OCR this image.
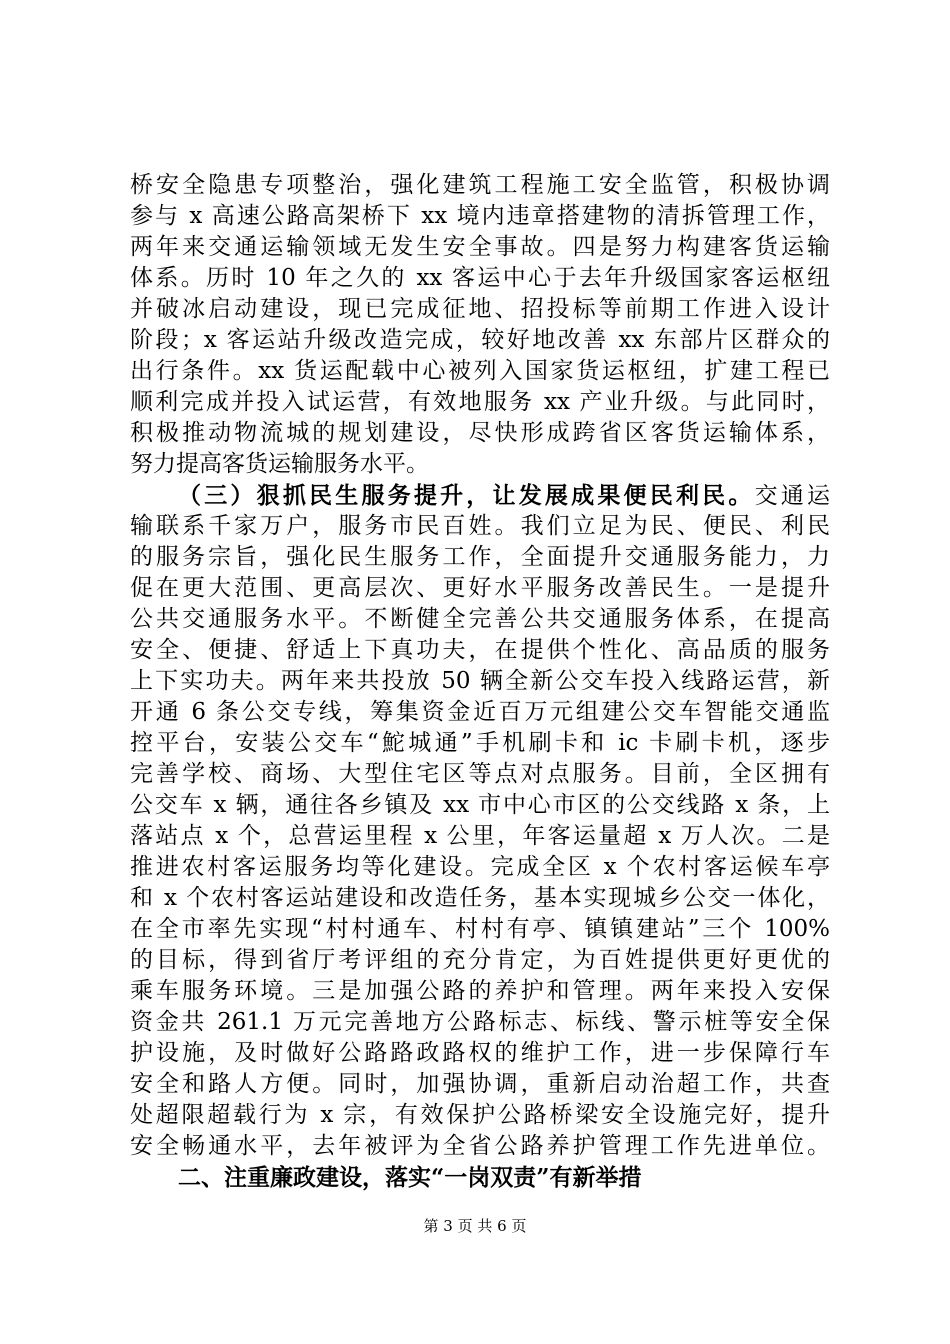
桥安全隐患专项整治，强化建筑工程施工安全监管，积极协调
参与 x 高速公路高架桥下 xx 境内违章搭建物的清拆管理工作，
两年来交通运输领域无发生安全事故。四是努力构建客货运输
体系。历时 10 年之久的 xx 客运中心于去年升级国家客运枢纽
并破冰启动建设，现已完成征地、招投标等前期工作进入设计
阶段；x 客运站升级改造完成，较好地改善 xx 东部片区群众的
出行条件。xx 货运配载中心被列入国家货运枢纽，扩建工程已
顺利完成并投入试运营，有效地服务 xx 产业升级。与此同时，
积极推动物流城的规划建设，尽快形成跨省区客货运输体系，
努力提高客货运输服务水平。
（三）狠抓民生服务提升，让发展成果便民利民。交通运
输联系千家万户，服务市民百姓。我们立足为民、便民、利民
的服务宗旨，强化民生服务工作，全面提升交通服务能力，力
促在更大范围、更高层次、更好水平服务改善民生。一是提升
公共交通服务水平。不断健全完善公共交通服务体系，在提高
安全、便捷、舒适上下真功夫，在提供个性化、高品质的服务
上下实功夫。两年来共投放 50 辆全新公交车投入线路运营，新
开通 6 条公交专线，筹集资金近百万元组建公交车智能交通监
控平台，安装公交车“鮀城通”手机刷卡和 ic 卡刷卡机，逐步
完善学校、商场、大型住宅区等点对点服务。目前，全区拥有
公交车 x 辆，通往各乡镇及 xx 市中心市区的公交线路 x 条，上
落站点 x 个，总营运里程 x 公里，年客运量超 x 万人次。二是
推进农村客运服务均等化建设。完成全区 x 个农村客运候车亭
和 x 个农村客运站建设和改造任务，基本实现城乡公交一体化，
在全市率先实现“村村通车、村村有亭、镇镇建站”三个 100%
的目标，得到省厅考评组的充分肯定，为百姓提供更好更优的
乘车服务环境。三是加强公路的养护和管理。两年来投入安保
资金共 261.1 万元完善地方公路标志、标线、警示桩等安全保
护设施，及时做好公路路政路权的维护工作，进一步保障行车
安全和路人方便。同时，加强协调，重新启动治超工作，共查
处超限超载行为 x 宗，有效保护公路桥梁安全设施完好，提升
安全畅通水平，去年被评为全省公路养护管理工作先进单位。
二、注重廉政建设，落实“一岗双责”有新举措
第 3 页 共 6 页
